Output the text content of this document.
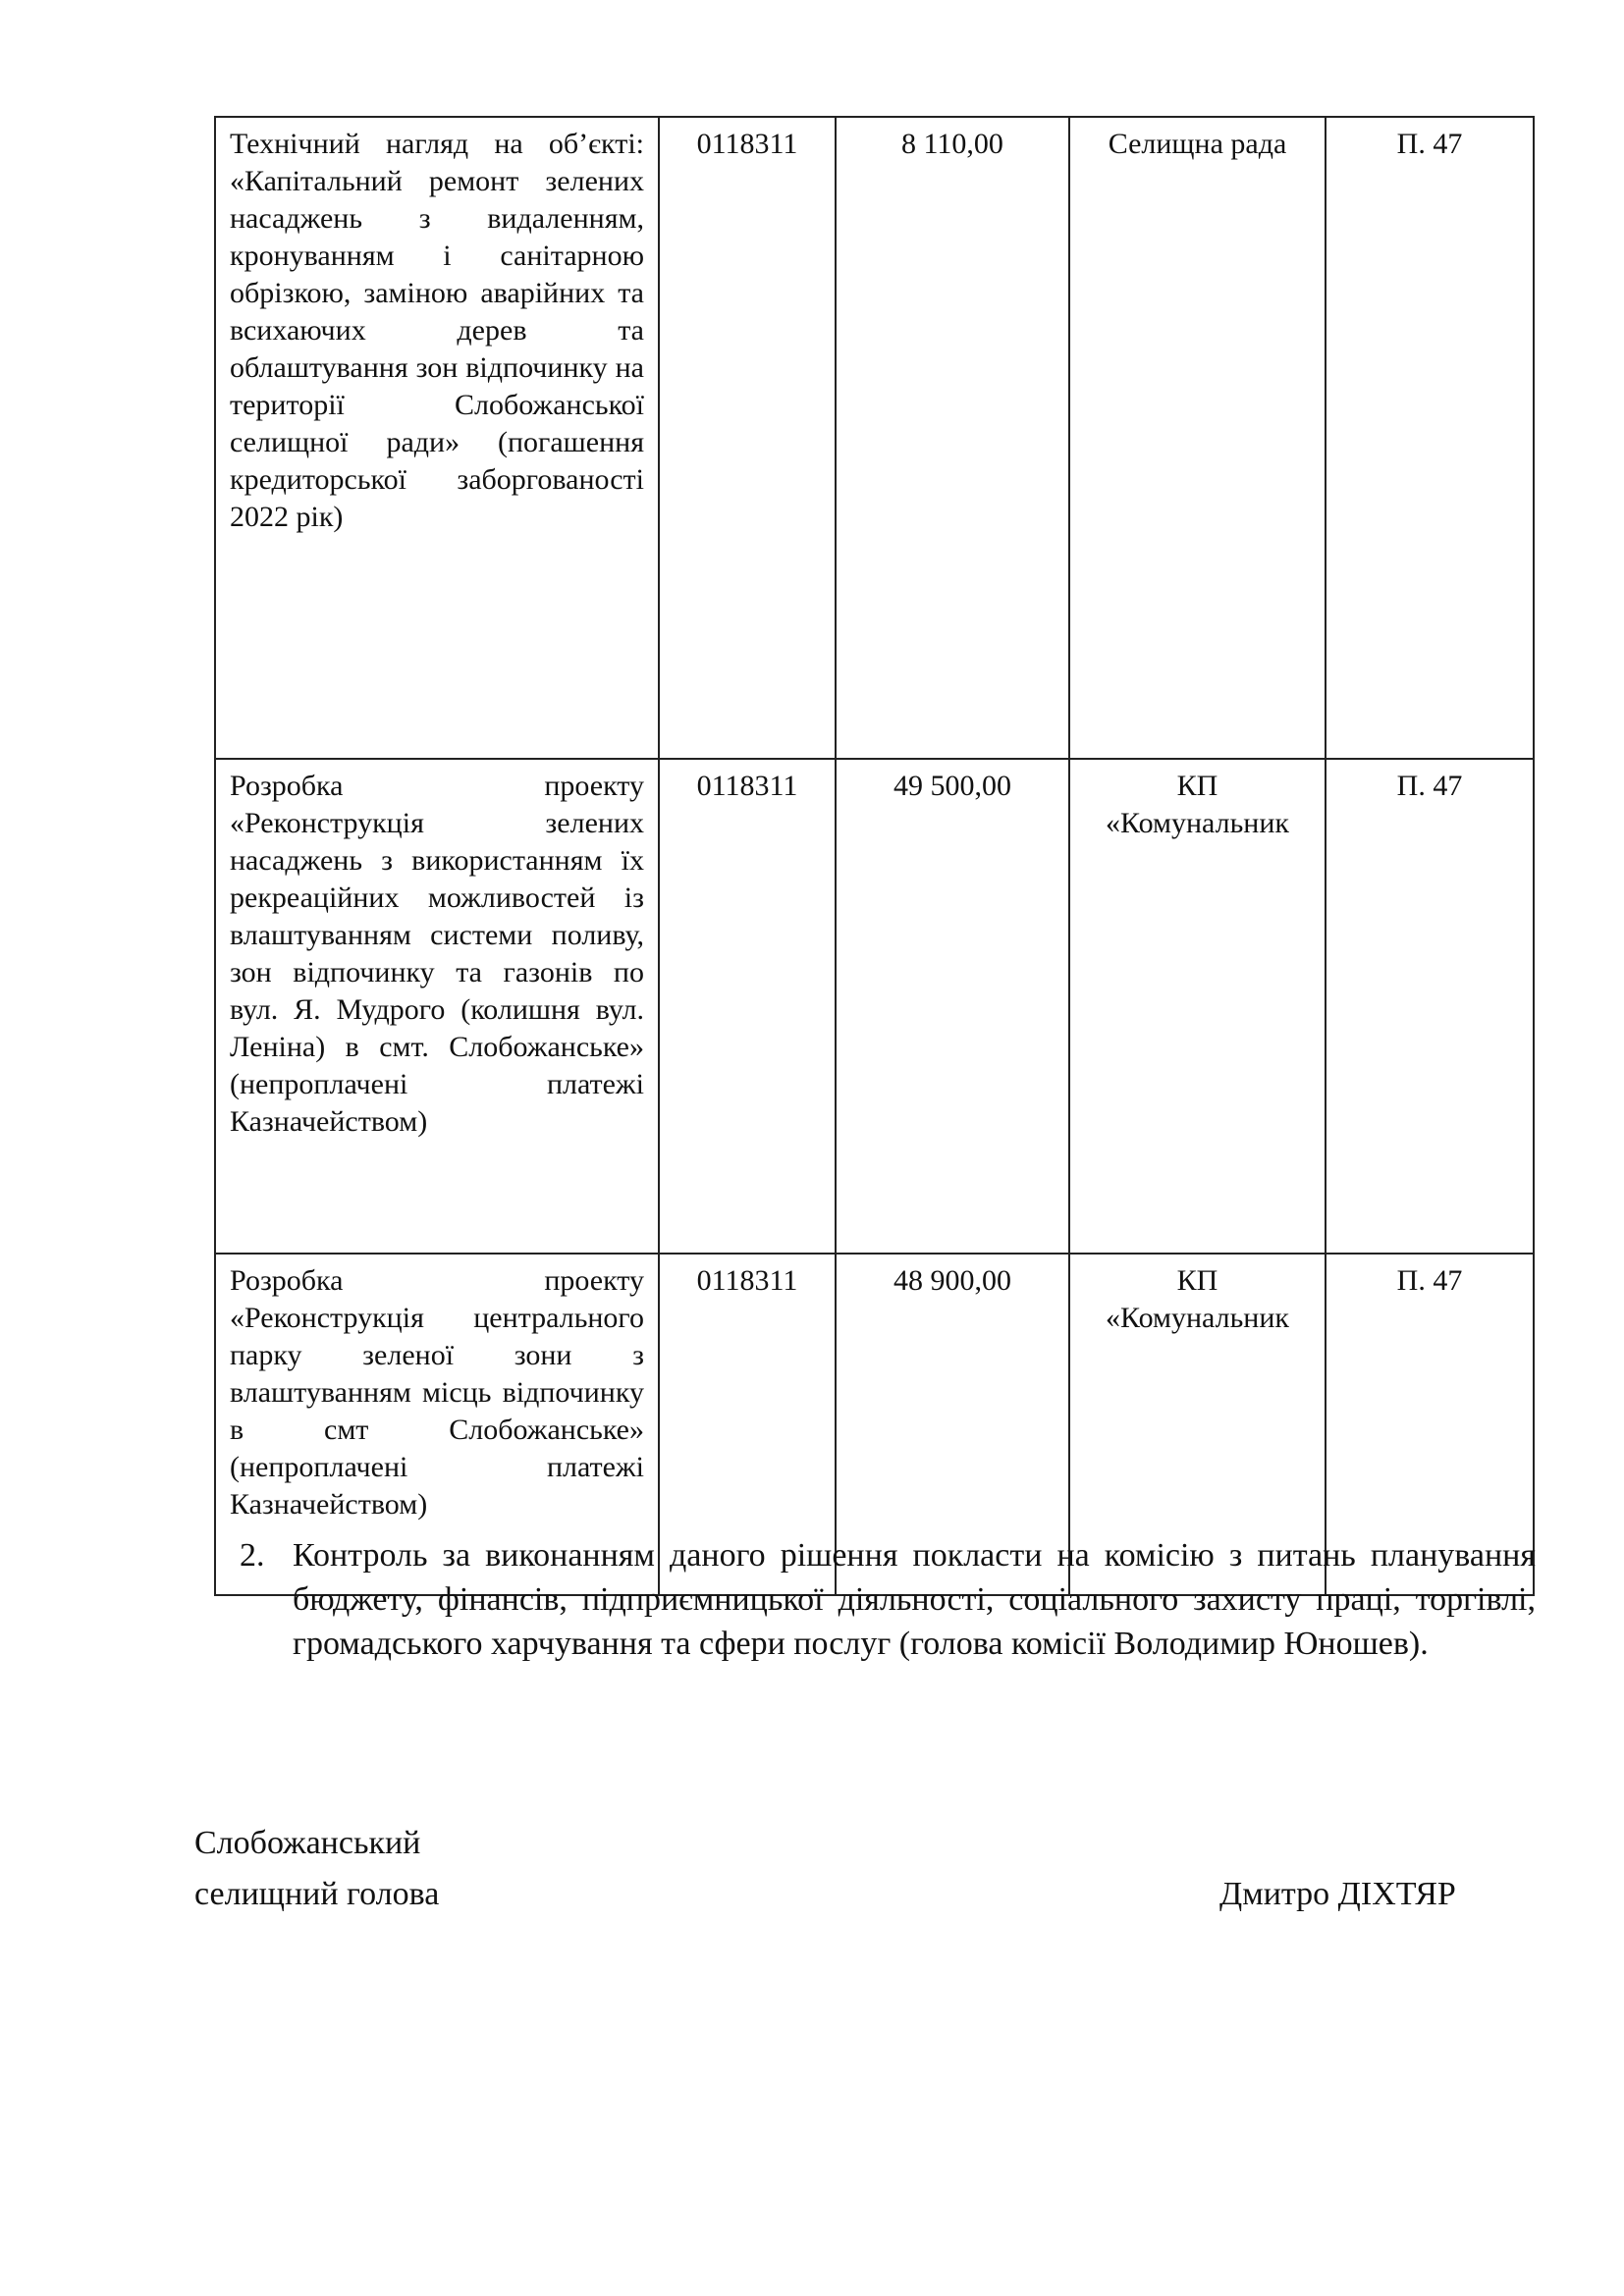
Технічний нагляд на об’єкті: «Капітальний ремонт зелених насаджень з видаленням, кронуванням і санітарною обрізкою, заміною аварійних та всихаючих дерев та облаштування зон відпочинку на території Слобожанської селищної ради» (погашення кредиторської заборгованості 2022 рік)	0118311	8 110,00	Селищна рада	П. 47
Розробка проекту «Реконструкція зелених насаджень з використанням їх рекреаційних можливостей із влаштуванням системи поливу, зон відпочинку та газонів по вул. Я. Мудрого (колишня вул. Леніна) в смт. Слобожанське» (непроплачені платежі Казначейством)	0118311	49 500,00	КП «Комунальник	П. 47
Розробка проекту «Реконструкція центрального парку зеленої зони з влаштуванням місць відпочинку в смт Слобожанське» (непроплачені платежі Казначейством)	0118311	48 900,00	КП «Комунальник	П. 47
2. Контроль за виконанням даного рішення покласти на комісію з питань планування бюджету, фінансів, підприємницької діяльності, соціального захисту праці, торгівлі, громадського харчування та сфери послуг (голова комісії Володимир Юношев).
Слобожанський
селищний голова	Дмитро ДІХТЯР
